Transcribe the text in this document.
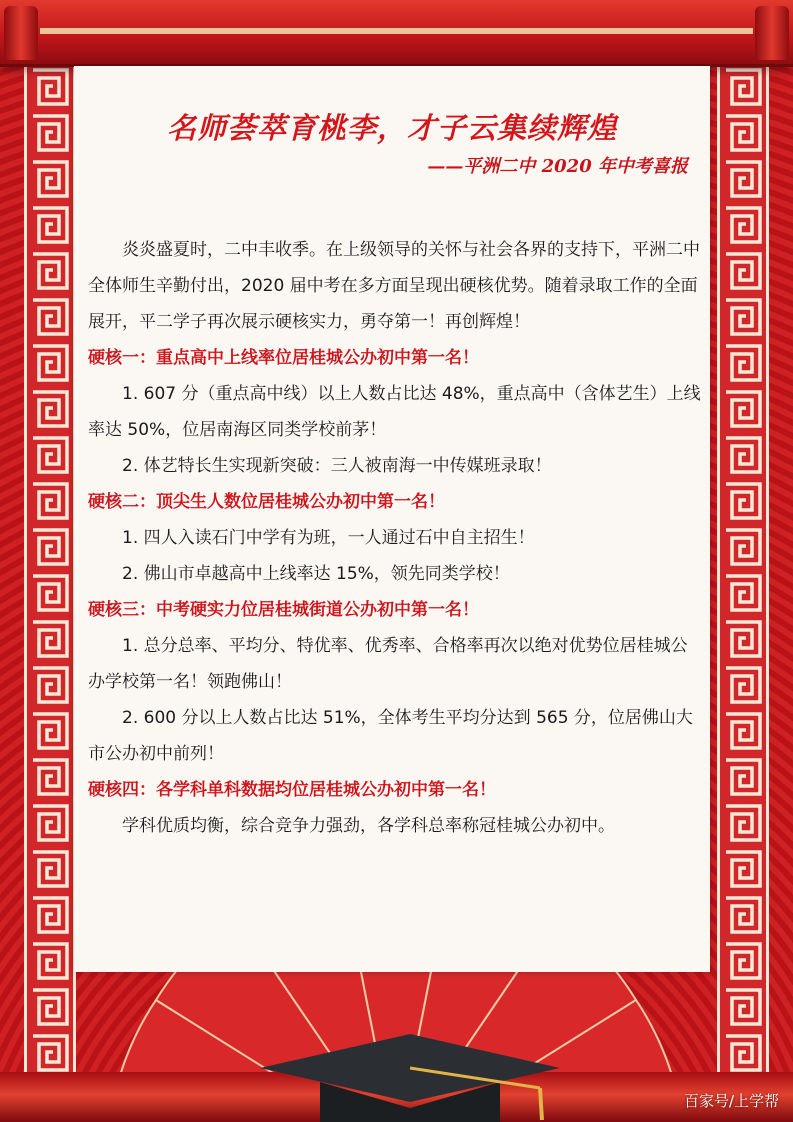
名师荟萃育桃李，才子云集续辉煌
——平洲二中 2020 年中考喜报

炎炎盛夏时，二中丰收季。在上级领导的关怀与社会各界的支持下，平洲二中全体师生辛勤付出，2020 届中考在多方面呈现出硬核优势。随着录取工作的全面展开，平二学子再次展示硬核实力，勇夺第一！再创辉煌！

硬核一：重点高中上线率位居桂城公办初中第一名！

1. 607 分（重点高中线）以上人数占比达 48%，重点高中（含体艺生）上线率达 50%，位居南海区同类学校前茅！

2. 体艺特长生实现新突破：三人被南海一中传媒班录取！

硬核二：顶尖生人数位居桂城公办初中第一名！

1. 四人入读石门中学有为班，一人通过石中自主招生！

2. 佛山市卓越高中上线率达 15%，领先同类学校！

硬核三：中考硬实力位居桂城街道公办初中第一名！

1. 总分总率、平均分、特优率、优秀率、合格率再次以绝对优势位居桂城公办学校第一名！领跑佛山！

2. 600 分以上人数占比达 51%，全体考生平均分达到 565 分，位居佛山大市公办初中前列！

硬核四：各学科单科数据均位居桂城公办初中第一名！

学科优质均衡，综合竞争力强劲，各学科总率称冠桂城公办初中。

百家号/上学帮
